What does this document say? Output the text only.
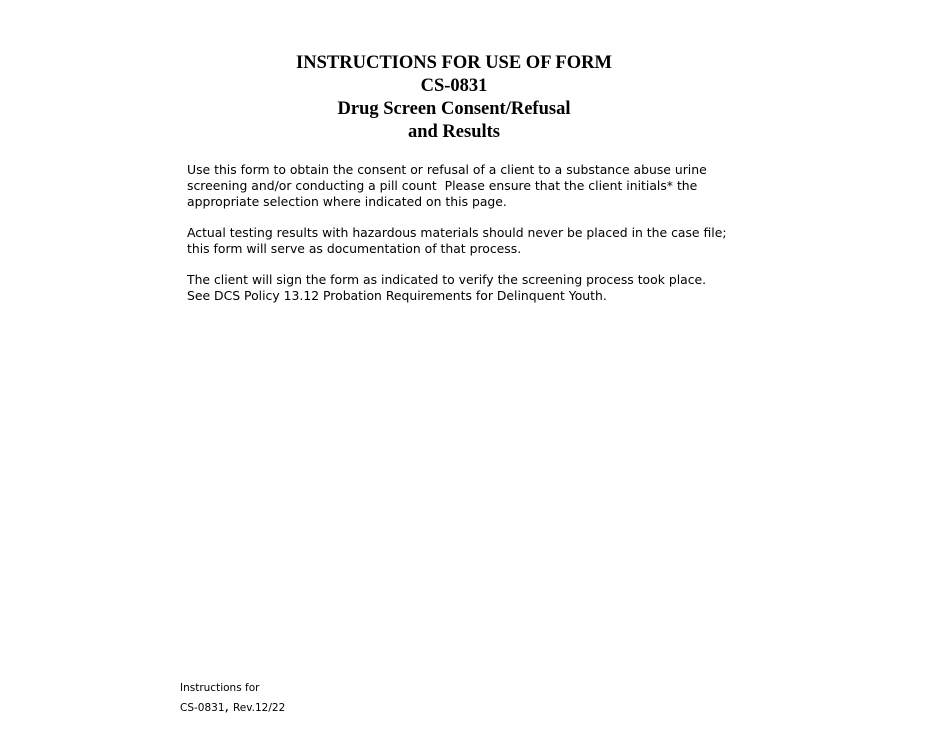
INSTRUCTIONS FOR USE OF FORM
CS-0831
Drug Screen Consent/Refusal
and Results

Use this form to obtain the consent or refusal of a client to a substance abuse urine
screening and/or conducting a pill count  Please ensure that the client initials* the
appropriate selection where indicated on this page.

Actual testing results with hazardous materials should never be placed in the case file;
this form will serve as documentation of that process.

The client will sign the form as indicated to verify the screening process took place.
See DCS Policy 13.12 Probation Requirements for Delinquent Youth.

Instructions for
CS-0831, Rev.12/22
